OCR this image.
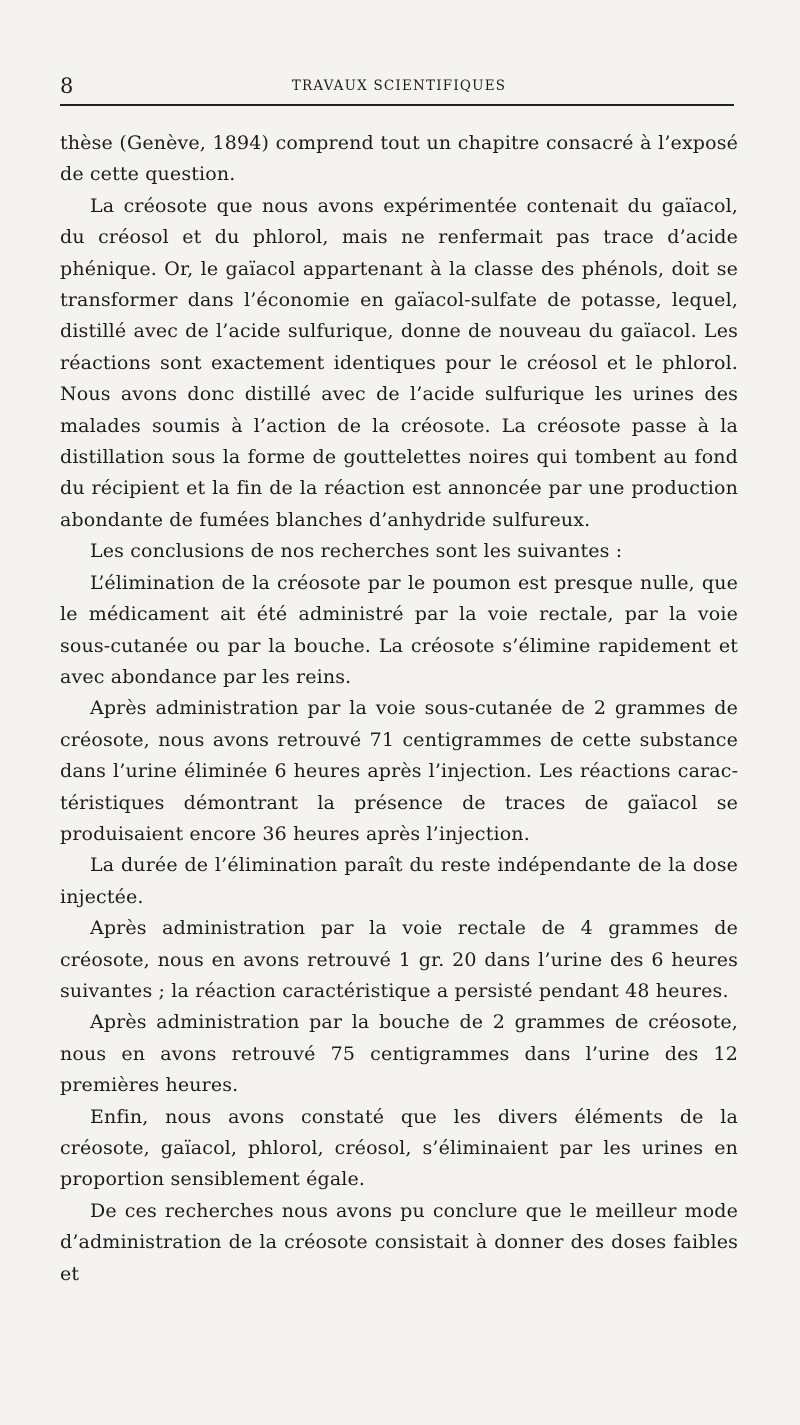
8	TRAVAUX SCIENTIFIQUES

thèse (Genève, 1894) comprend tout un chapitre consacré à l’exposé de cette question.

La créosote que nous avons expérimentée contenait du gaïacol, du créosol et du phlorol, mais ne renfermait pas trace d’acide phénique. Or, le gaïacol appartenant à la classe des phénols, doit se transformer dans l’économie en gaïacol-sulfate de potasse, lequel, distillé avec de l’acide sulfurique, donne de nouveau du gaïacol. Les réactions sont exactement identiques pour le créosol et le phlorol. Nous avons donc distillé avec de l’acide sulfurique les urines des malades soumis à l’action de la créosote. La créosote passe à la distillation sous la forme de gouttelettes noires qui tombent au fond du récipient et la fin de la réaction est annoncée par une production abondante de fumées blanches d’anhydride sulfureux.

Les conclusions de nos recherches sont les suivantes :

L’élimination de la créosote par le poumon est presque nulle, que le médicament ait été administré par la voie rectale, par la voie sous-cutanée ou par la bouche. La créosote s’élimine rapidement et avec abondance par les reins.

Après administration par la voie sous-cutanée de 2 grammes de créosote, nous avons retrouvé 71 centigrammes de cette substance dans l’urine éliminée 6 heures après l’injection. Les réactions caractéristiques démontrant la présence de traces de gaïacol se produisaient encore 36 heures après l’injection.

La durée de l’élimination paraît du reste indépendante de la dose injectée.

Après administration par la voie rectale de 4 grammes de créosote, nous en avons retrouvé 1 gr. 20 dans l’urine des 6 heures suivantes ; la réaction caractéristique a persisté pendant 48 heures.

Après administration par la bouche de 2 grammes de créosote, nous en avons retrouvé 75 centigrammes dans l’urine des 12 premières heures.

Enfin, nous avons constaté que les divers éléments de la créosote, gaïacol, phlorol, créosol, s’éliminaient par les urines en proportion sensiblement égale.

De ces recherches nous avons pu conclure que le meilleur mode d’administration de la créosote consistait à donner des doses faibles et
